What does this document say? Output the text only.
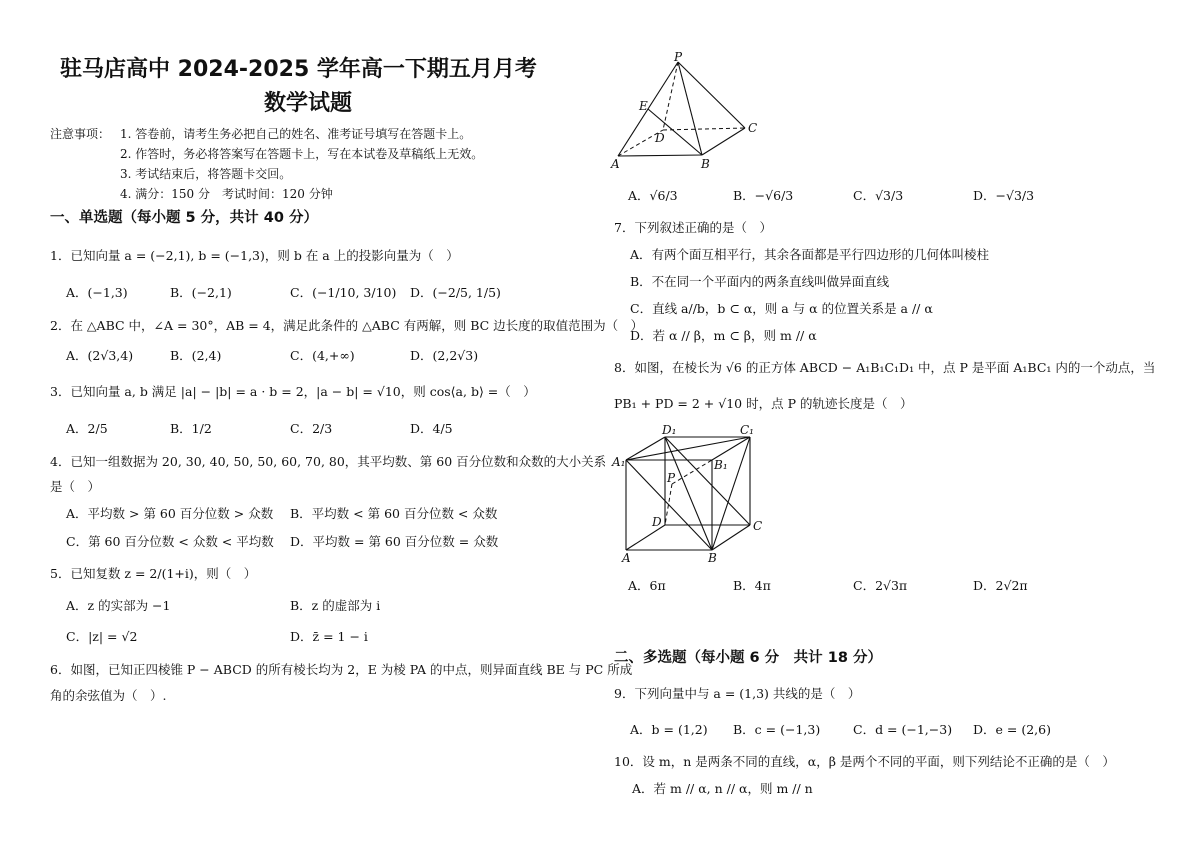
驻马店高中 2024-2025 学年高一下期五月月考
数学试题
注意事项： 1. 答卷前，请考生务必把自己的姓名、准考证号填写在答题卡上。
2. 作答时，务必将答案写在答题卡上，写在本试卷及草稿纸上无效。
3. 考试结束后，将答题卡交回。
4. 满分：150 分　考试时间：120 分钟
一、单选题（每小题 5 分，共计 40 分）
1．已知向量 a = (−2,1), b = (−1,3)，则 b 在 a 上的投影向量为（　）
A．(−1,3)	B．(−2,1)	C．(−1/10, 3/10) D．(−2/5, 1/5)
2．在 △ABC 中，∠A = 30°，AB = 4，满足此条件的 △ABC 有两解，则 BC 边长度的取值范围为（　）
A．(2√3,4)	B．(2,4)	C．(4,+∞)	D．(2,2√3)
3．已知向量 a, b 满足 |a| − |b| = a · b = 2，|a − b| = √10，则 cos⟨a, b⟩ =（　）
A．2/5	B．1/2	C．2/3	D．4/5
4．已知一组数据为 20, 30, 40, 50, 50, 60, 70, 80，其平均数、第 60 百分位数和众数的大小关系
是（　）
A．平均数 > 第 60 百分位数 > 众数 B．平均数 < 第 60 百分位数 < 众数
C．第 60 百分位数 < 众数 < 平均数 D．平均数 = 第 60 百分位数 = 众数
5．已知复数 z = 2/(1+i)，则（　）
A．z 的实部为 −1	B．z 的虚部为 i
C．|z| = √2	D．z̄ = 1 − i
6．如图，已知正四棱锥 P − ABCD 的所有棱长均为 2，E 为棱 PA 的中点，则异面直线 BE 与 PC 所成
角的余弦值为（　）.
P
E
D
C
A	B
A．√6/3	B．−√6/3	C．√3/3	D．−√3/3
7．下列叙述正确的是（　）
A．有两个面互相平行，其余各面都是平行四边形的几何体叫棱柱
B．不在同一个平面内的两条直线叫做异面直线
C．直线 a//b，b ⊂ α，则 a 与 α 的位置关系是 a // α
D．若 α // β，m ⊂ β，则 m // α
8．如图，在棱长为 √6 的正方体 ABCD − A₁B₁C₁D₁ 中，点 P 是平面 A₁BC₁ 内的一个动点，当
PB₁ + PD = 2 + √10 时，点 P 的轨迹长度是（　）
D₁	C₁
A₁	B₁
P
D	C
A	B
A．6π	B．4π	C．2√3π	D．2√2π
二、多选题（每小题 6 分　共计 18 分）
9．下列向量中与 a = (1,3) 共线的是（　）
A．b = (1,2) B．c = (−1,3)	C．d = (−1,−3) D．e = (2,6)
10．设 m，n 是两条不同的直线，α，β 是两个不同的平面，则下列结论不正确的是（　）
A．若 m // α, n // α，则 m // n
